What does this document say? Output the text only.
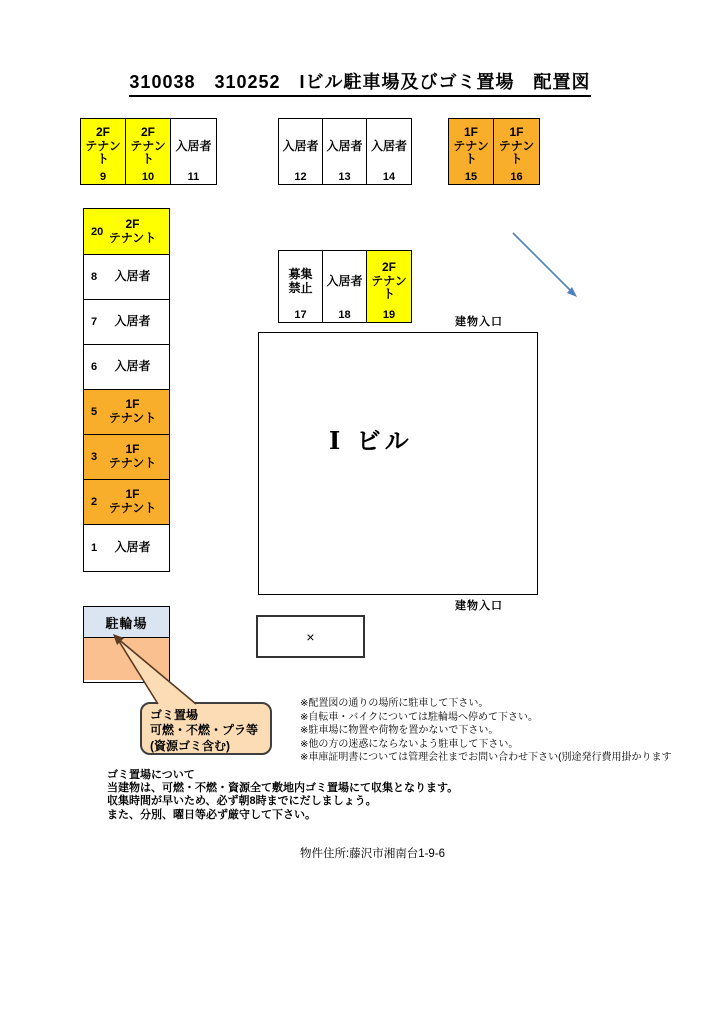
310038　310252　Iビル駐車場及びゴミ置場　配置図
2F
テナント
9
2F
テナント
10
入居者
11
入居者
12
入居者
13
入居者
14
1F
テナント
15
1F
テナント
16
20
2F
テナント
8	入居者
7	入居者
6	入居者
5
1F
テナント
3
1F
テナント
2
1F
テナント
1	入居者
募集
禁止
17
入居者
18
2F
テナント
19
建物入口
建物入口
I ビル
駐輪場
×
ゴミ置場
可燃・不燃・プラ等
(資源ゴミ含む)
※配置図の通りの場所に駐車して下さい。
※自転車・バイクについては駐輪場へ停めて下さい。
※駐車場に物置や荷物を置かないで下さい。
※他の方の迷惑にならないよう駐車して下さい。
※車庫証明書については管理会社までお問い合わせ下さい(別途発行費用掛かります
ゴミ置場について
当建物は、可燃・不燃・資源全て敷地内ゴミ置場にて収集となります。
収集時間が早いため、必ず朝8時までにだしましょう。
また、分別、曜日等必ず厳守して下さい。
物件住所:藤沢市湘南台1-9-6
